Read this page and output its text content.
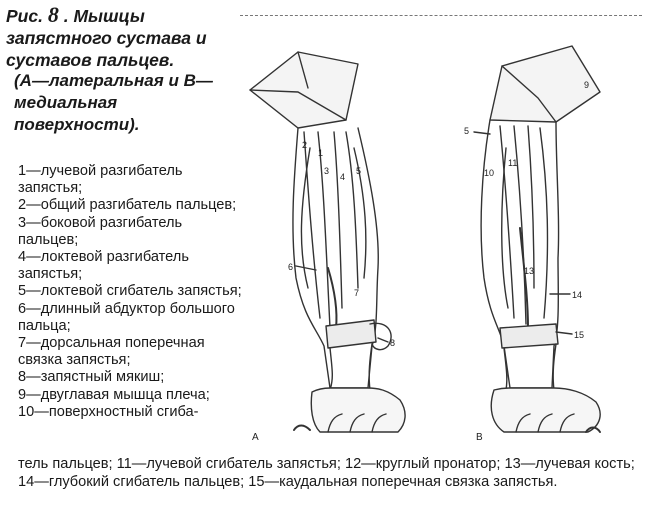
Рис. 8 . Мышцы запястного сустава и суставов пальцев.
(А—латеральная и В—медиальная поверхности).
1—лучевой разгибатель запястья;
2—общий разгибатель пальцев;
3—боковой разгибатель пальцев;
4—локтевой разгибатель запястья;
5—локтевой сгибатель запястья;
6—длинный абдуктор большого пальца;
7—дорсальная поперечная связка запястья;
8—запястный мякиш;
9—двуглавая мышца плеча;
10—поверхностный сгиба-
тель пальцев; 11—лучевой сгибатель запястья; 12—круглый пронатор; 13—лучевая кость; 14—глубокий сгибатель пальцев; 15—каудальная поперечная связка запястья.
1
2
3
4
5
6
7
8
А
9
5
11
10
13
14
15
В
